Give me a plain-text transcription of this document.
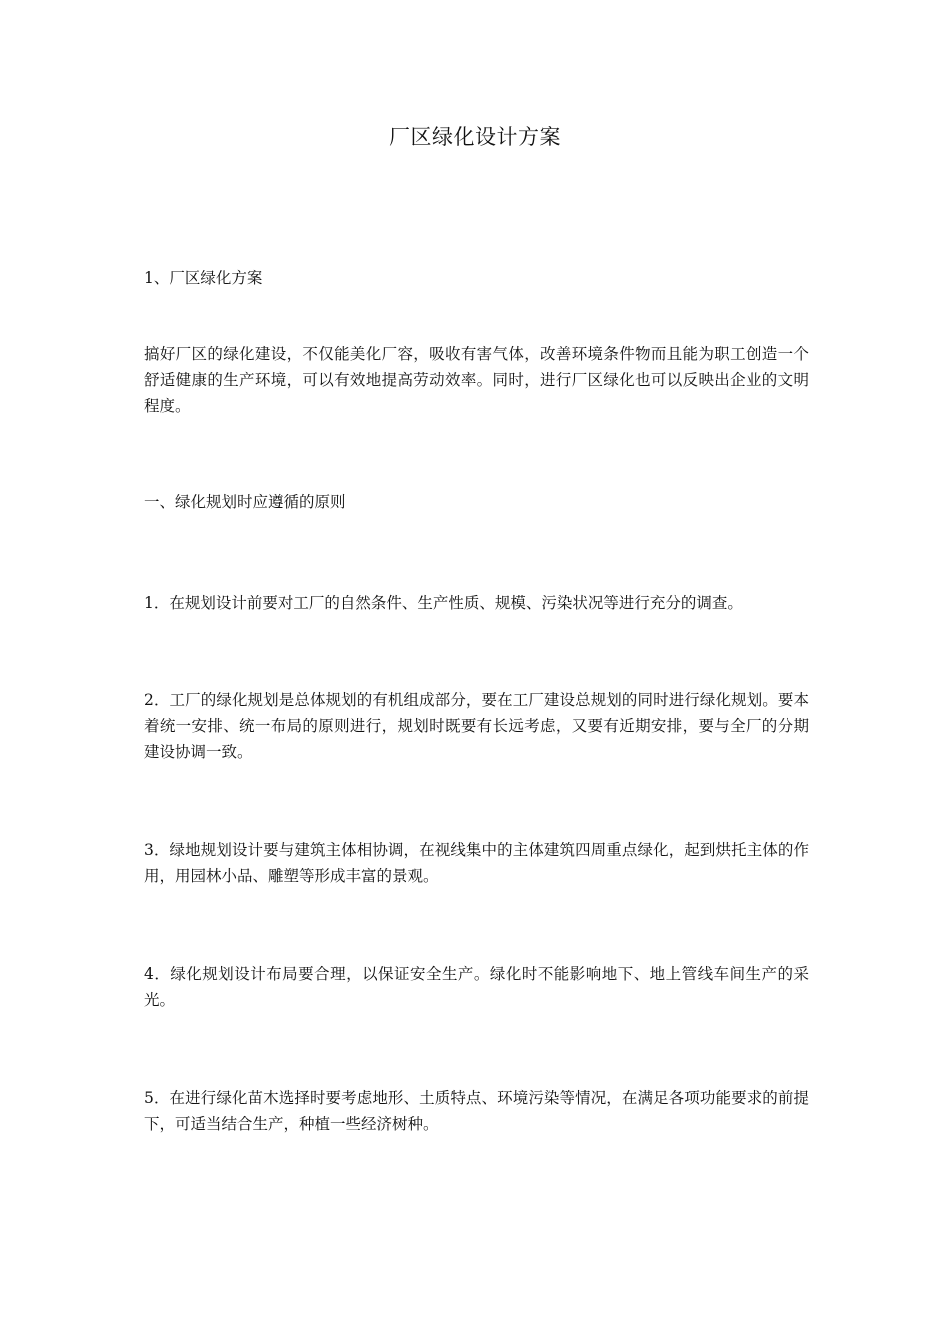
厂区绿化设计方案
1、厂区绿化方案
搞好厂区的绿化建设，不仅能美化厂容，吸收有害气体，改善环境条件物而且能为职工创造一个舒适健康的生产环境，可以有效地提高劳动效率。同时，进行厂区绿化也可以反映出企业的文明程度。
一、绿化规划时应遵循的原则
1．在规划设计前要对工厂的自然条件、生产性质、规模、污染状况等进行充分的调查。
2．工厂的绿化规划是总体规划的有机组成部分，要在工厂建设总规划的同时进行绿化规划。要本着统一安排、统一布局的原则进行，规划时既要有长远考虑，又要有近期安排，要与全厂的分期建设协调一致。
3．绿地规划设计要与建筑主体相协调，在视线集中的主体建筑四周重点绿化，起到烘托主体的作用，用园林小品、雕塑等形成丰富的景观。
4．绿化规划设计布局要合理，以保证安全生产。绿化时不能影响地下、地上管线车间生产的采光。
5．在进行绿化苗木选择时要考虑地形、土质特点、环境污染等情况，在满足各项功能要求的前提下，可适当结合生产，种植一些经济树种。
